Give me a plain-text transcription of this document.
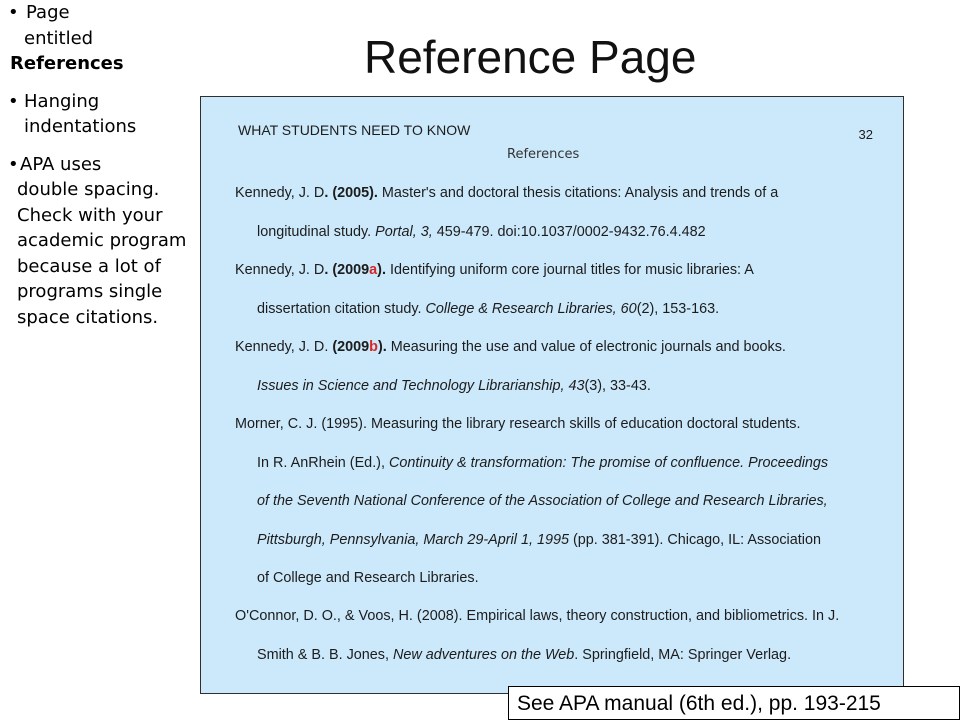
Reference Page
• Page
entitled
References
• Hanging
indentations
• APA uses
double spacing.
Check with your
academic program
because a lot of
programs single
space citations.
WHAT STUDENTS NEED TO KNOW	32
References
Kennedy, J. D. (2005). Master's and doctoral thesis citations: Analysis and trends of a
longitudinal study. Portal, 3, 459-479. doi:10.1037/0002-9432.76.4.482
Kennedy, J. D. (2009a). Identifying uniform core journal titles for music libraries: A
dissertation citation study. College & Research Libraries, 60(2), 153-163.
Kennedy, J. D. (2009b). Measuring the use and value of electronic journals and books.
Issues in Science and Technology Librarianship, 43(3), 33-43.
Morner, C. J. (1995). Measuring the library research skills of education doctoral students.
In R. AnRhein (Ed.), Continuity & transformation: The promise of confluence. Proceedings
of the Seventh National Conference of the Association of College and Research Libraries,
Pittsburgh, Pennsylvania, March 29-April 1, 1995 (pp. 381-391). Chicago, IL: Association
of College and Research Libraries.
O'Connor, D. O., & Voos, H. (2008). Empirical laws, theory construction, and bibliometrics. In J.
Smith & B. B. Jones, New adventures on the Web. Springfield, MA: Springer Verlag.
See APA manual (6th ed.), pp. 193-215
